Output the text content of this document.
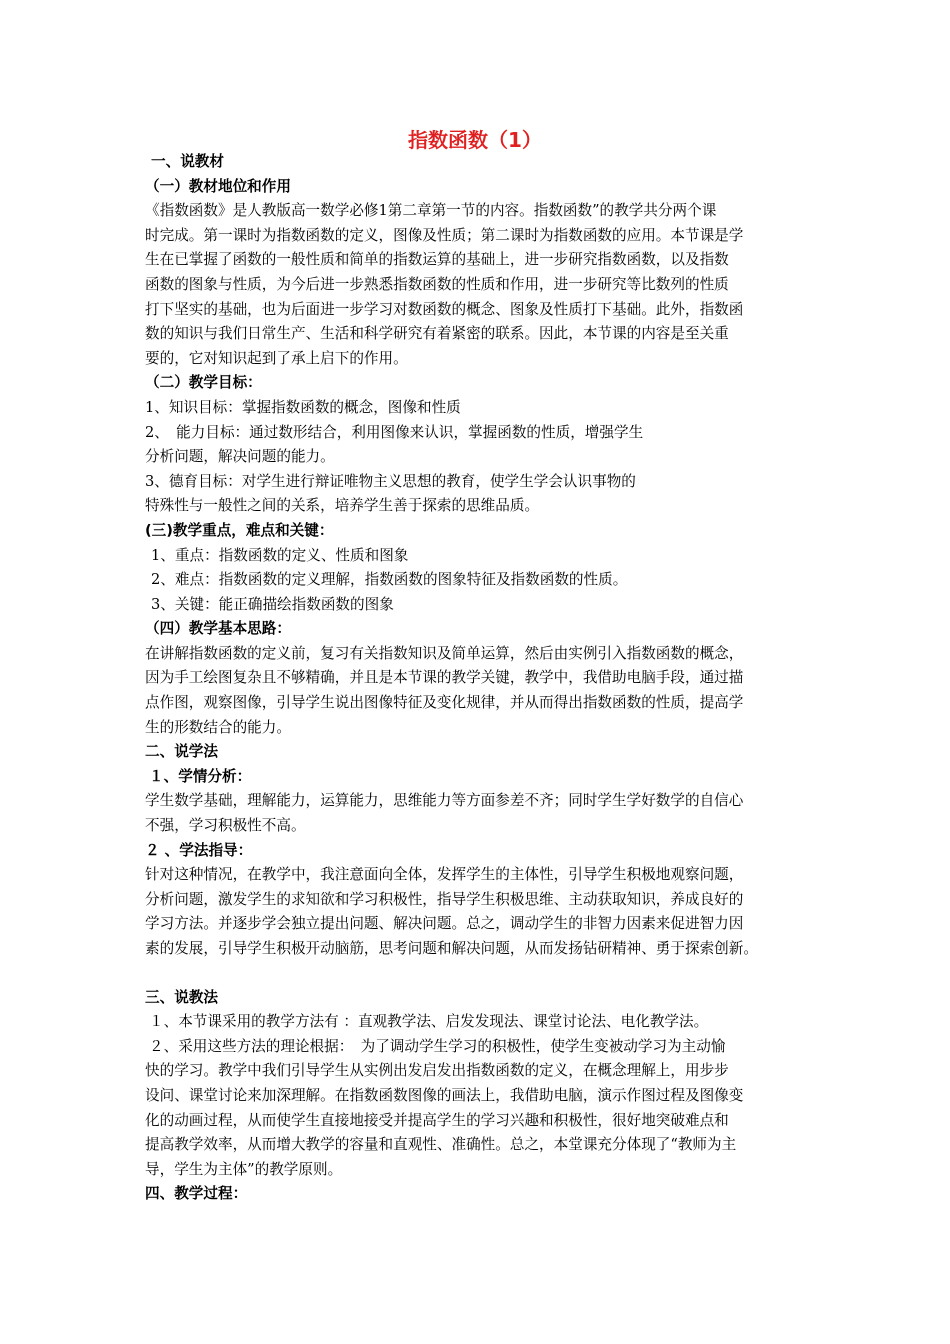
指数函数（1）

一、说教材

（一）教材地位和作用

《指数函数》是人教版高一数学必修1第二章第一节的内容。指数函数”的教学共分两个课

时完成。第一课时为指数函数的定义，图像及性质；第二课时为指数函数的应用。本节课是学

生在已掌握了函数的一般性质和简单的指数运算的基础上，进一步研究指数函数，以及指数

函数的图象与性质，为今后进一步熟悉指数函数的性质和作用，进一步研究等比数列的性质

打下坚实的基础，也为后面进一步学习对数函数的概念、图象及性质打下基础。此外，指数函

数的知识与我们日常生产、生活和科学研究有着紧密的联系。因此，本节课的内容是至关重

要的，它对知识起到了承上启下的作用。

（二）教学目标：

1、知识目标：掌握指数函数的概念，图像和性质

2、　能力目标：通过数形结合，利用图像来认识，掌握函数的性质，增强学生

分析问题，解决问题的能力。

3、德育目标：对学生进行辩证唯物主义思想的教育，使学生学会认识事物的

特殊性与一般性之间的关系，培养学生善于探索的思维品质。

(三)教学重点，难点和关键：

1、重点：指数函数的定义、性质和图象

2、难点：指数函数的定义理解，指数函数的图象特征及指数函数的性质。

3、关键：能正确描绘指数函数的图象

（四）教学基本思路：

在讲解指数函数的定义前，复习有关指数知识及简单运算，然后由实例引入指数函数的概念，

因为手工绘图复杂且不够精确，并且是本节课的教学关键，教学中，我借助电脑手段，通过描

点作图，观察图像，引导学生说出图像特征及变化规律，并从而得出指数函数的性质，提高学

生的形数结合的能力。

二、说学法

１、学情分析：

学生数学基础，理解能力，运算能力，思维能力等方面参差不齐；同时学生学好数学的自信心

不强，学习积极性不高。

２ 、学法指导：

针对这种情况，在教学中，我注意面向全体，发挥学生的主体性，引导学生积极地观察问题，

分析问题，激发学生的求知欲和学习积极性，指导学生积极思维、主动获取知识，养成良好的

学习方法。并逐步学会独立提出问题、解决问题。总之，调动学生的非智力因素来促进智力因

素的发展，引导学生积极开动脑筋，思考问题和解决问题，从而发扬钻研精神、勇于探索创新。

三、说教法

１、本节课采用的教学方法有 ：直观教学法、启发发现法、课堂讨论法、电化教学法。

２、采用这些方法的理论根据：　为了调动学生学习的积极性，使学生变被动学习为主动愉

快的学习。教学中我们引导学生从实例出发启发出指数函数的定义，在概念理解上，用步步

设问、课堂讨论来加深理解。在指数函数图像的画法上，我借助电脑，演示作图过程及图像变

化的动画过程，从而使学生直接地接受并提高学生的学习兴趣和积极性，很好地突破难点和

提高教学效率，从而增大教学的容量和直观性、准确性。总之，本堂课充分体现了“教师为主

导，学生为主体”的教学原则。

四、教学过程：
